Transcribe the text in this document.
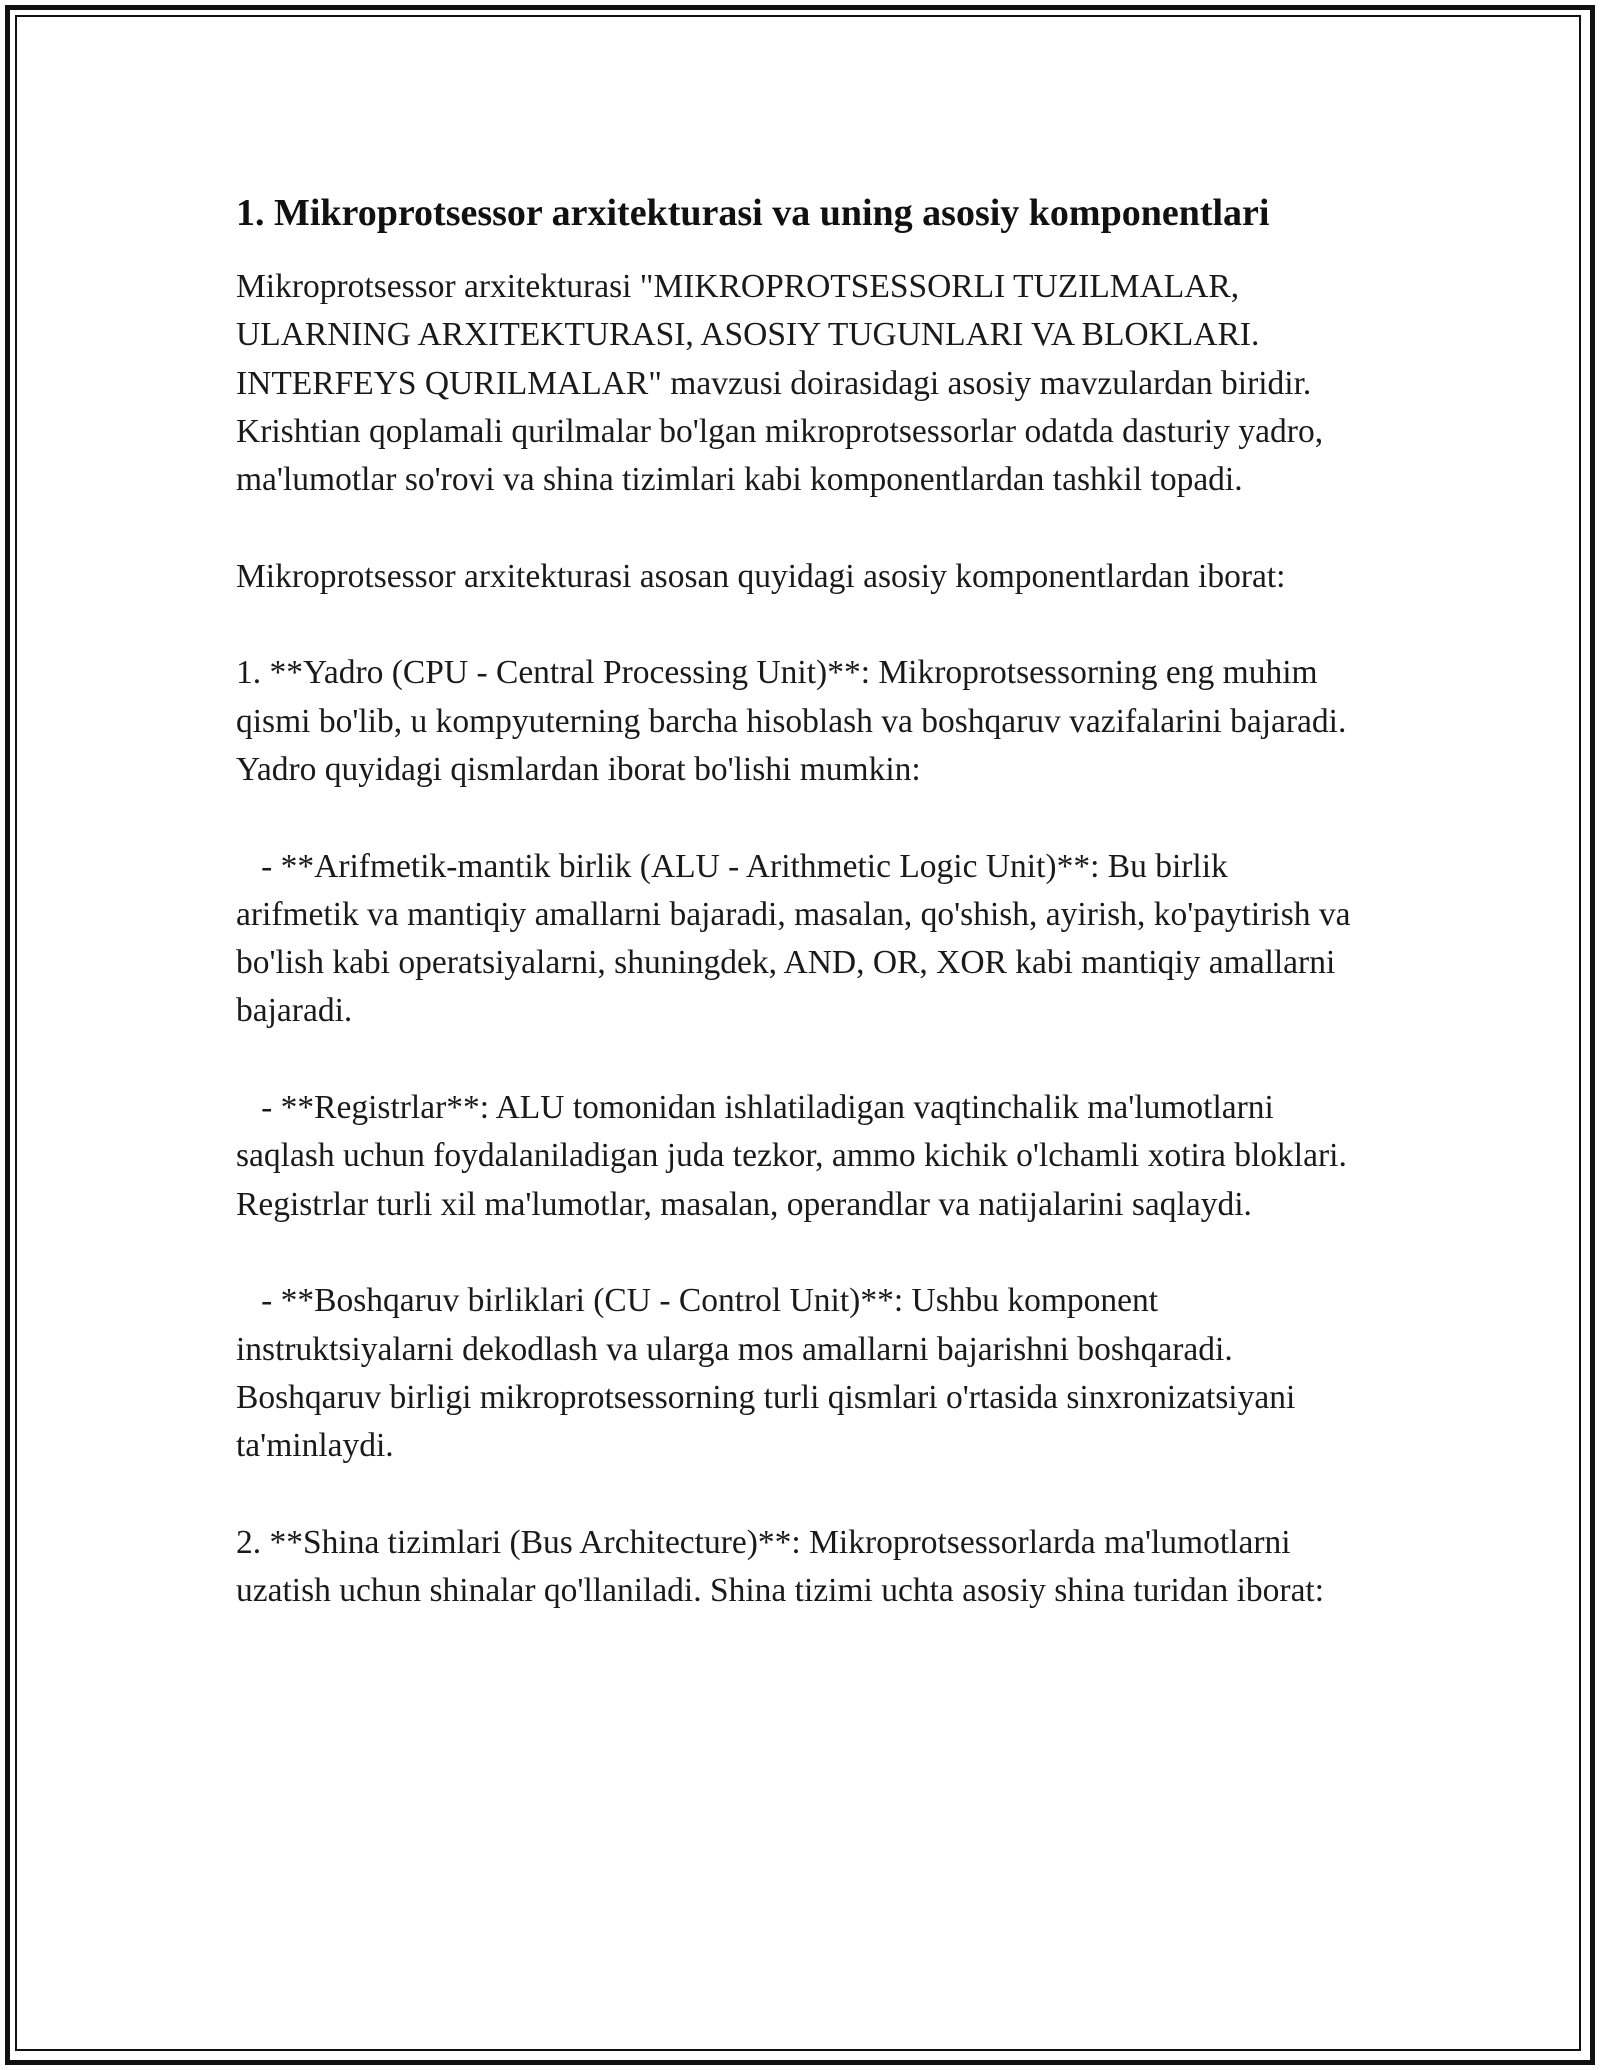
1. Mikroprotsessor arxitekturasi va uning asosiy komponentlari

Mikroprotsessor arxitekturasi "MIKROPROTSESSORLI TUZILMALAR, ULARNING ARXITEKTURASI, ASOSIY TUGUNLARI VA BLOKLARI. INTERFEYS QURILMALAR" mavzusi doirasidagi asosiy mavzulardan biridir. Krishtian qoplamali qurilmalar bo'lgan mikroprotsessorlar odatda dasturiy yadro, ma'lumotlar so'rovi va shina tizimlari kabi komponentlardan tashkil topadi.

Mikroprotsessor arxitekturasi asosan quyidagi asosiy komponentlardan iborat:

1. **Yadro (CPU - Central Processing Unit)**: Mikroprotsessorning eng muhim qismi bo'lib, u kompyuterning barcha hisoblash va boshqaruv vazifalarini bajaradi. Yadro quyidagi qismlardan iborat bo'lishi mumkin:

- **Arifmetik-mantik birlik (ALU - Arithmetic Logic Unit)**: Bu birlik arifmetik va mantiqiy amallarni bajaradi, masalan, qo'shish, ayirish, ko'paytirish va bo'lish kabi operatsiyalarni, shuningdek, AND, OR, XOR kabi mantiqiy amallarni bajaradi.

- **Registrlar**: ALU tomonidan ishlatiladigan vaqtinchalik ma'lumotlarni saqlash uchun foydalaniladigan juda tezkor, ammo kichik o'lchamli xotira bloklari. Registrlar turli xil ma'lumotlar, masalan, operandlar va natijalarini saqlaydi.

- **Boshqaruv birliklari (CU - Control Unit)**: Ushbu komponent instruktsiyalarni dekodlash va ularga mos amallarni bajarishni boshqaradi. Boshqaruv birligi mikroprotsessorning turli qismlari o'rtasida sinxronizatsiyani ta'minlaydi.

2. **Shina tizimlari (Bus Architecture)**: Mikroprotsessorlarda ma'lumotlarni uzatish uchun shinalar qo'llaniladi. Shina tizimi uchta asosiy shina turidan iborat:
